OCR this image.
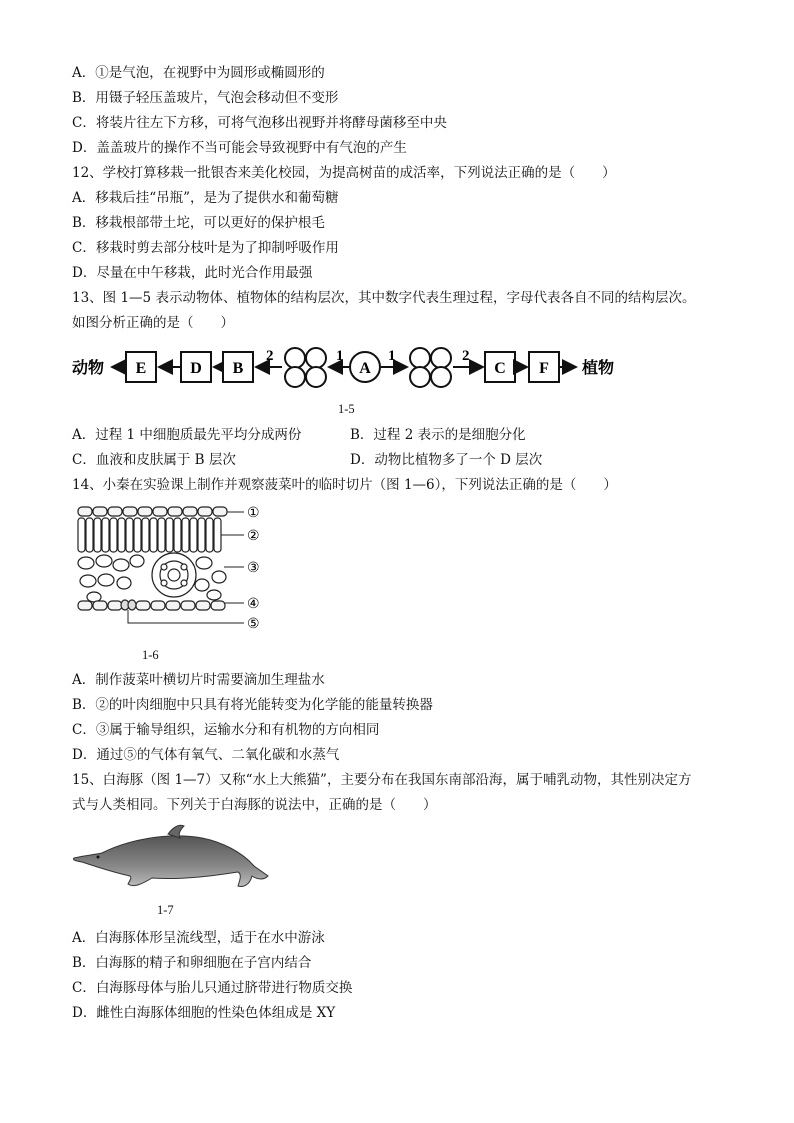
A．①是气泡，在视野中为圆形或椭圆形的
B．用镊子轻压盖玻片，气泡会移动但不变形
C．将装片往左下方移，可将气泡移出视野并将酵母菌移至中央
D．盖盖玻片的操作不当可能会导致视野中有气泡的产生
12、学校打算移栽一批银杏来美化校园，为提高树苗的成活率，下列说法正确的是（　　）
A．移栽后挂“吊瓶”，是为了提供水和葡萄糖
B．移栽根部带土坨，可以更好的保护根毛
C．移栽时剪去部分枝叶是为了抑制呼吸作用
D．尽量在中午移栽，此时光合作用最强
13、图 1—5 表示动物体、植物体的结构层次，其中数字代表生理过程，字母代表各自不同的结构层次。
如图分析正确的是（　　）
动物 E	D B
2	1
A
1	2
C F 植物
1-5
A．过程 1 中细胞质最先平均分成两份	B．过程 2 表示的是细胞分化
C．血液和皮肤属于 B 层次	D．动物比植物多了一个 D 层次
14、小秦在实验课上制作并观察菠菜叶的临时切片（图 1—6），下列说法正确的是（　　）
①
②
③
④
⑤
1-6
A．制作菠菜叶横切片时需要滴加生理盐水
B．②的叶肉细胞中只具有将光能转变为化学能的能量转换器
C．③属于输导组织，运输水分和有机物的方向相同
D．通过⑤的气体有氧气、二氧化碳和水蒸气
15、白海豚（图 1—7）又称“水上大熊猫”，主要分布在我国东南部沿海，属于哺乳动物，其性别决定方
式与人类相同。下列关于白海豚的说法中，正确的是（　　）
1-7
A．白海豚体形呈流线型，适于在水中游泳
B．白海豚的精子和卵细胞在子宫内结合
C．白海豚母体与胎儿只通过脐带进行物质交换
D．雌性白海豚体细胞的性染色体组成是 XY
